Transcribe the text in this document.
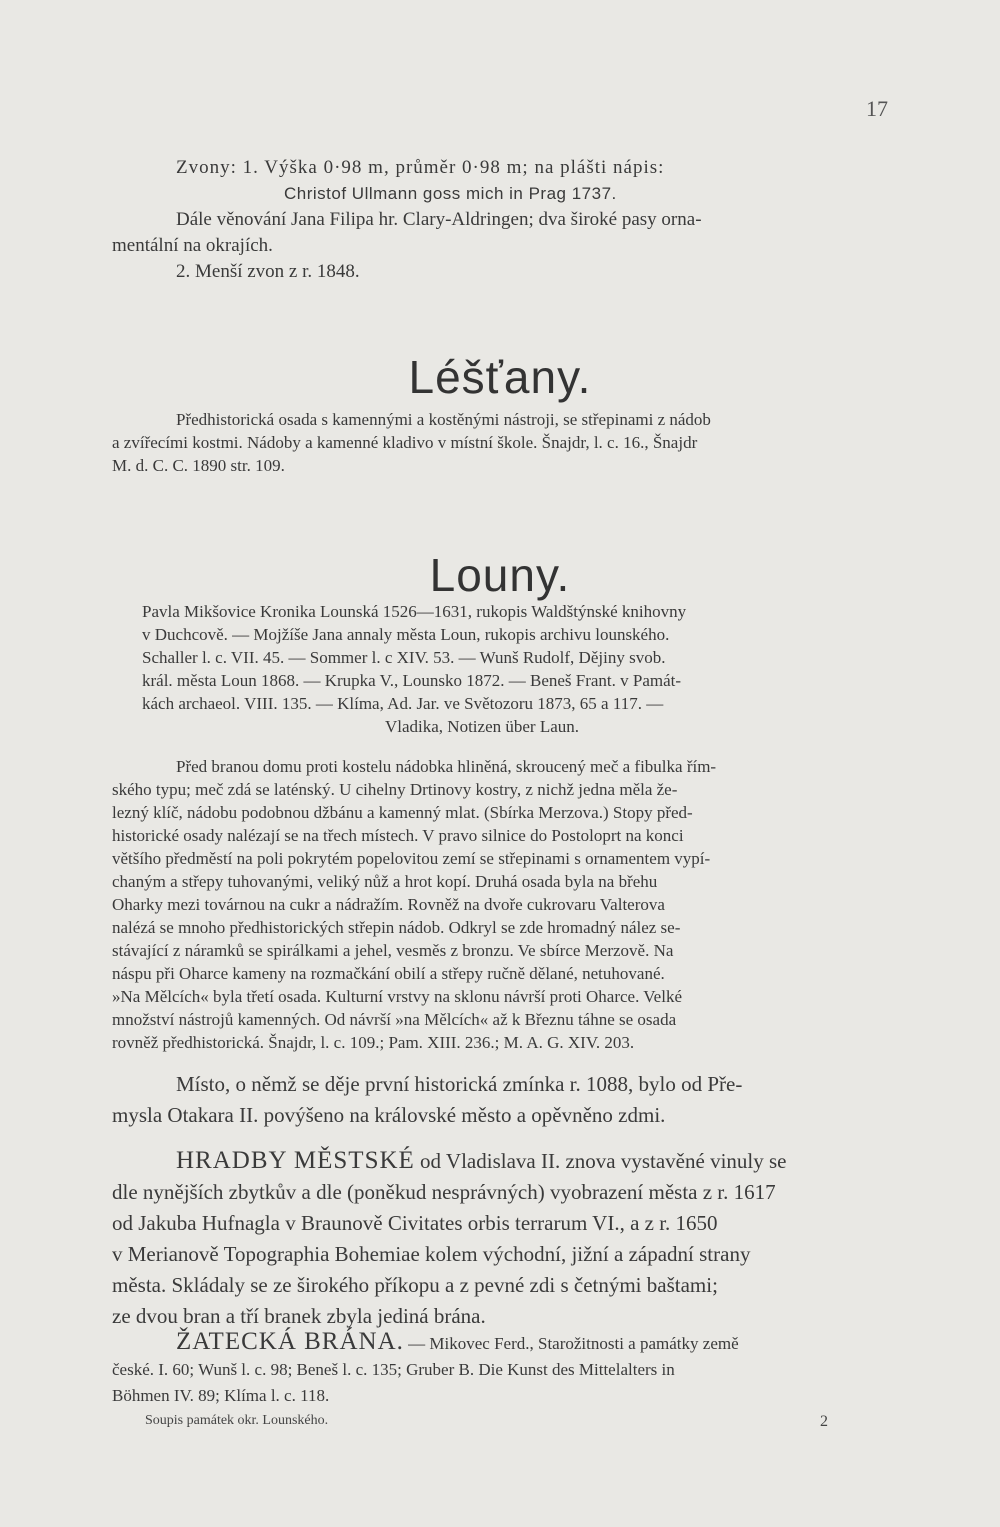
17
Zvony: 1. Výška 0·98 m, průměr 0·98 m; na plášti nápis:
Christof Ullmann goss mich in Prag 1737.
Dále věnování Jana Filipa hr. Clary-Aldringen; dva široké pasy orna-
mentální na okrajích.
2. Menší zvon z r. 1848.
Léšťany.
Předhistorická osada s kamennými a kostěnými nástroji, se střepinami z nádob
a zvířecími kostmi. Nádoby a kamenné kladivo v místní škole. Šnajdr, l. c. 16., Šnajdr
M. d. C. C. 1890 str. 109.
Louny.
Pavla Mikšovice Kronika Lounská 1526—1631, rukopis Waldštýnské knihovny
v Duchcově. — Mojžíše Jana annaly města Loun, rukopis archivu lounského.
Schaller l. c. VII. 45. — Sommer l. c XIV. 53. — Wunš Rudolf, Dějiny svob.
král. města Loun 1868. — Krupka V., Lounsko 1872. — Beneš Frant. v Památ-
kách archaeol. VIII. 135. — Klíma, Ad. Jar. ve Světozoru 1873, 65 a 117. —
Vladika, Notizen über Laun.
Před branou domu proti kostelu nádobka hliněná, skroucený meč a fibulka řím-
ského typu; meč zdá se laténský. U cihelny Drtinovy kostry, z nichž jedna měla že-
lezný klíč, nádobu podobnou džbánu a kamenný mlat. (Sbírka Merzova.) Stopy před-
historické osady nalézají se na třech místech. V pravo silnice do Postoloprt na konci
většího předměstí na poli pokrytém popelovitou zemí se střepinami s ornamentem vypí-
chaným a střepy tuhovanými, veliký nůž a hrot kopí. Druhá osada byla na břehu
Oharky mezi továrnou na cukr a nádražím. Rovněž na dvoře cukrovaru Valterova
nalézá se mnoho předhistorických střepin nádob. Odkryl se zde hromadný nález se-
stávající z náramků se spirálkami a jehel, vesměs z bronzu. Ve sbírce Merzově. Na
náspu při Oharce kameny na rozmačkání obilí a střepy ručně dělané, netuhované.
»Na Mělcích« byla třetí osada. Kulturní vrstvy na sklonu návrší proti Oharce. Velké
množství nástrojů kamenných. Od návrší »na Mělcích« až k Březnu táhne se osada
rovněž předhistorická. Šnajdr, l. c. 109.; Pam. XIII. 236.; M. A. G. XIV. 203.
Místo, o němž se děje první historická zmínka r. 1088, bylo od Pře-
mysla Otakara II. povýšeno na královské město a opěvněno zdmi.
HRADBY MĚSTSKÉ od Vladislava II. znova vystavěné vinuly se
dle nynějších zbytkův a dle (poněkud nesprávných) vyobrazení města z r. 1617
od Jakuba Hufnagla v Braunově Civitates orbis terrarum VI., a z r. 1650
v Merianově Topographia Bohemiae kolem východní, jižní a západní strany
města. Skládaly se ze širokého příkopu a z pevné zdi s četnými baštami;
ze dvou bran a tří branek zbyla jediná brána.
ŽATECKÁ BRÁNA. — Mikovec Ferd., Starožitnosti a památky země
české. I. 60; Wunš l. c. 98; Beneš l. c. 135; Gruber B. Die Kunst des Mittelalters in
Böhmen IV. 89; Klíma l. c. 118.
Soupis památek okr. Lounského.	2
